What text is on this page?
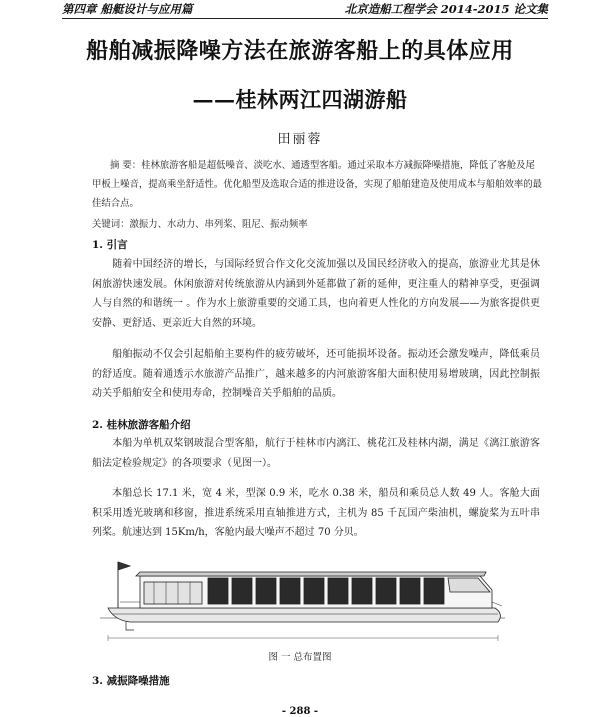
第四章 船艇设计与应用篇	北京造船工程学会 2014-2015 论文集
船舶减振降噪方法在旅游客船上的具体应用
——桂林两江四湖游船
田丽蓉
摘 要：桂林旅游客船是超低噪音、淡吃水、通透型客船。通过采取本方减振降噪措施，降低了客舱及尾甲板上噪音，提高乘坐舒适性。优化船型及选取合适的推进设备，实现了船舶建造及使用成本与船舶效率的最佳结合点。
关键词：激振力、水动力、串列桨、阻尼、振动频率
1. 引言
随着中国经济的增长，与国际经贸合作文化交流加强以及国民经济收入的提高，旅游业尤其是休闲旅游快速发展。休闲旅游对传统旅游从内涵到外延都做了新的延伸，更注重人的精神享受，更强调人与自然的和谐统一 。作为水上旅游重要的交通工具，也向着更人性化的方向发展——为旅客提供更安静、更舒适、更亲近大自然的环境。
船舶振动不仅会引起船舶主要构件的疲劳破坏，还可能损坏设备。振动还会激发噪声，降低乘员的舒适度。随着通透示水旅游产品推广，越来越多的内河旅游客船大面积使用易增玻璃，因此控制振动关乎船舶安全和使用寿命，控制噪音关乎船舶的品质。
2. 桂林旅游客船介绍
本船为单机双桨钢玻混合型客船，航行于桂林市内漓江、桃花江及桂林内湖，满足《漓江旅游客船法定检验规定》的各项要求（见图一）。
本船总长 17.1 米，宽 4 米，型深 0.9 米，吃水 0.38 米，船员和乘员总人数 49 人。客舱大面积采用透光玻璃和移窗，推进系统采用直轴推进方式，主机为 85 千瓦国产柴油机，螺旋桨为五叶串列桨。航速达到 15Km/h，客舱内最大噪声不超过 70 分贝。
图 一 总布置图
3. 减振降噪措施
- 288 -
